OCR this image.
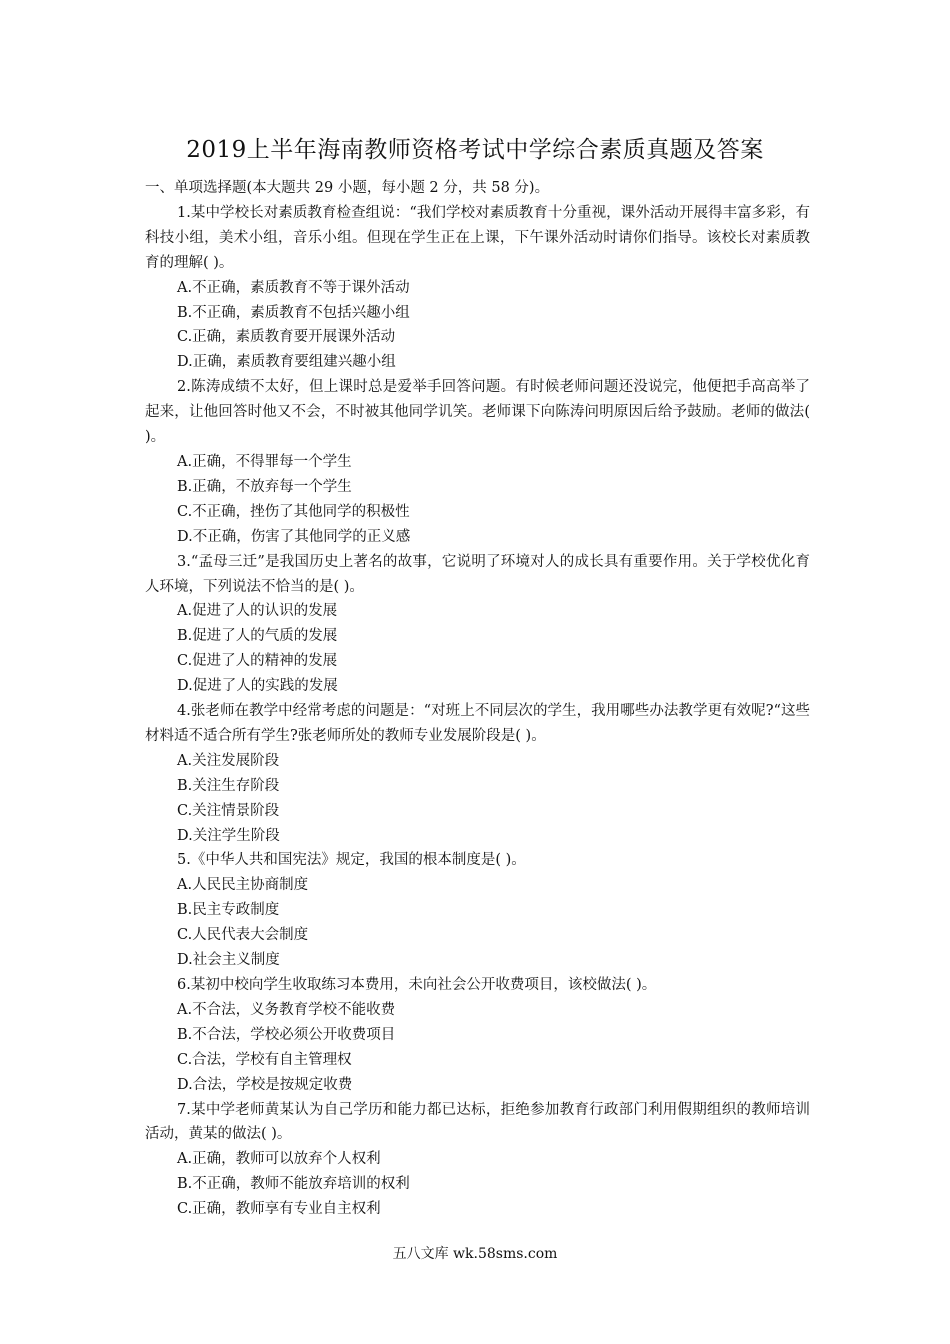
2019上半年海南教师资格考试中学综合素质真题及答案

一、单项选择题(本大题共 29 小题，每小题 2 分，共 58 分)。

1.某中学校长对素质教育检查组说：“我们学校对素质教育十分重视，课外活动开展得丰富多彩，有科技小组，美术小组，音乐小组。但现在学生正在上课，下午课外活动时请你们指导。该校长对素质教育的理解( )。

A.不正确，素质教育不等于课外活动

B.不正确，素质教育不包括兴趣小组

C.正确，素质教育要开展课外活动

D.正确，素质教育要组建兴趣小组

2.陈涛成绩不太好，但上课时总是爱举手回答问题。有时候老师问题还没说完，他便把手高高举了起来，让他回答时他又不会，不时被其他同学讥笑。老师课下向陈涛问明原因后给予鼓励。老师的做法( )。

A.正确，不得罪每一个学生

B.正确，不放弃每一个学生

C.不正确，挫伤了其他同学的积极性

D.不正确，伤害了其他同学的正义感

3.“孟母三迁”是我国历史上著名的故事，它说明了环境对人的成长具有重要作用。关于学校优化育人环境，下列说法不恰当的是( )。

A.促进了人的认识的发展

B.促进了人的气质的发展

C.促进了人的精神的发展

D.促进了人的实践的发展

4.张老师在教学中经常考虑的问题是：“对班上不同层次的学生，我用哪些办法教学更有效呢?“这些材料适不适合所有学生?张老师所处的教师专业发展阶段是( )。

A.关注发展阶段

B.关注生存阶段

C.关注情景阶段

D.关注学生阶段

5.《中华人共和国宪法》规定，我国的根本制度是( )。

A.人民民主协商制度

B.民主专政制度

C.人民代表大会制度

D.社会主义制度

6.某初中校向学生收取练习本费用，未向社会公开收费项目，该校做法( )。

A.不合法，义务教育学校不能收费

B.不合法，学校必须公开收费项目

C.合法，学校有自主管理权

D.合法，学校是按规定收费

7.某中学老师黄某认为自己学历和能力都已达标，拒绝参加教育行政部门利用假期组织的教师培训活动，黄某的做法( )。

A.正确，教师可以放弃个人权利

B.不正确，教师不能放弃培训的权利

C.正确，教师享有专业自主权利

五八文库 wk.58sms.com
